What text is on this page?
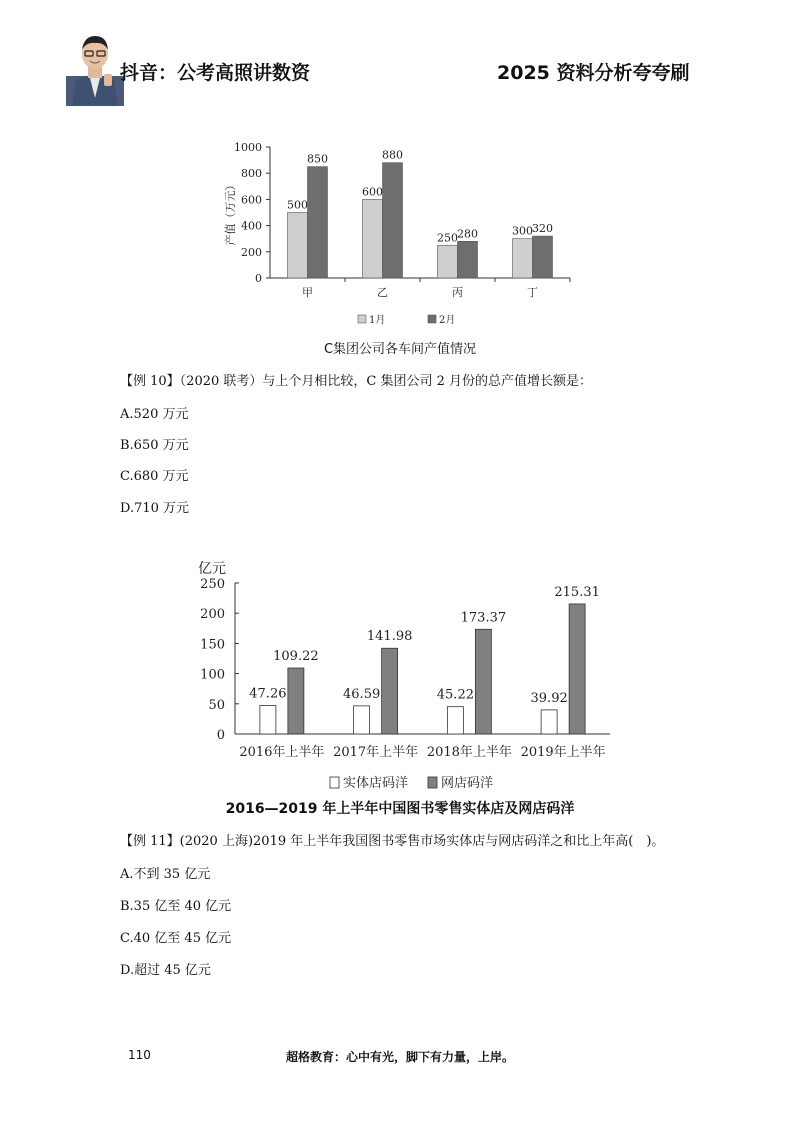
抖音：公考高照讲数资	2025 资料分析夸夸刷
0
200
400
600
800
1000
产值（万元）
甲
500
850
乙
600
880
丙
250 280
丁
300 320
1月	2月
C集团公司各车间产值情况
【例 10】（2020 联考）与上个月相比较，C 集团公司 2 月份的总产值增长额是：
A.520 万元
B.650 万元
C.680 万元
D.710 万元
亿元
0
50
100
150
200
250
2016年上半年
47.26
109.22
2017年上半年
46.59
141.98
2018年上半年
45.22
173.37
2019年上半年
39.92
215.31
实体店码洋	网店码洋
2016—2019 年上半年中国图书零售实体店及网店码洋
【例 11】(2020 上海)2019 年上半年我国图书零售市场实体店与网店码洋之和比上年高(　)。
A.不到 35 亿元
B.35 亿至 40 亿元
C.40 亿至 45 亿元
D.超过 45 亿元
110	超格教育：心中有光，脚下有力量，上岸。
